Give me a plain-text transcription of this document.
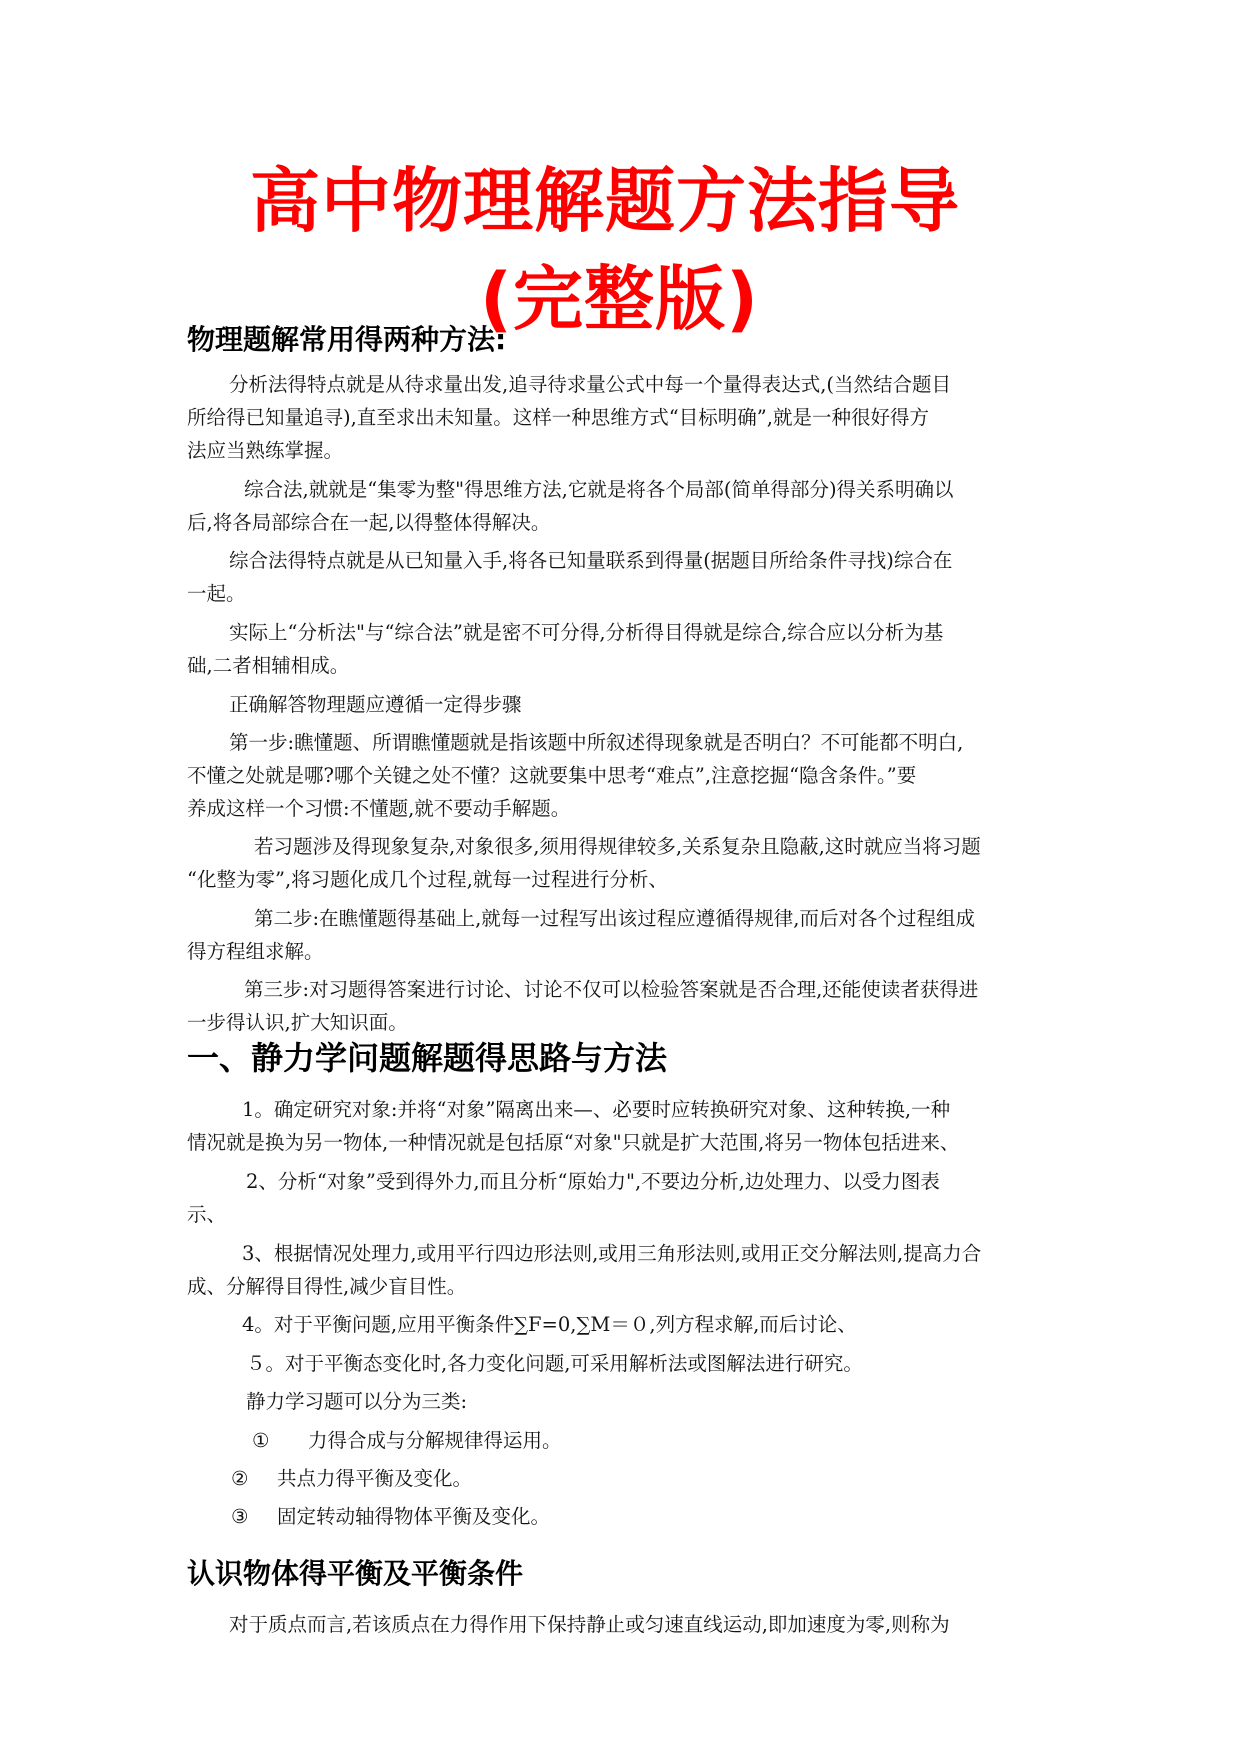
高中物理解题方法指导
(完整版)
物理题解常用得两种方法:
分析法得特点就是从待求量出发,追寻待求量公式中每一个量得表达式,(当然结合题目
所给得已知量追寻),直至求出未知量。这样一种思维方式“目标明确”,就是一种很好得方
法应当熟练掌握。
综合法,就就是“集零为整"得思维方法,它就是将各个局部(简单得部分)得关系明确以
后,将各局部综合在一起,以得整体得解决。
综合法得特点就是从已知量入手,将各已知量联系到得量(据题目所给条件寻找)综合在
一起。
实际上“分析法"与“综合法”就是密不可分得,分析得目得就是综合,综合应以分析为基
础,二者相辅相成。
正确解答物理题应遵循一定得步骤
第一步:瞧懂题、所谓瞧懂题就是指该题中所叙述得现象就是否明白？不可能都不明白,
不懂之处就是哪?哪个关键之处不懂？这就要集中思考“难点”,注意挖掘“隐含条件。”要
养成这样一个习惯:不懂题,就不要动手解题。
若习题涉及得现象复杂,对象很多,须用得规律较多,关系复杂且隐蔽,这时就应当将习题
“化整为零”,将习题化成几个过程,就每一过程进行分析、
第二步:在瞧懂题得基础上,就每一过程写出该过程应遵循得规律,而后对各个过程组成
得方程组求解。
第三步:对习题得答案进行讨论、讨论不仅可以检验答案就是否合理,还能使读者获得进
一步得认识,扩大知识面。
一、静力学问题解题得思路与方法
1。确定研究对象:并将“对象”隔离出来—、必要时应转换研究对象、这种转换,一种
情况就是换为另一物体,一种情况就是包括原“对象"只就是扩大范围,将另一物体包括进来、
2、分析“对象”受到得外力,而且分析“原始力",不要边分析,边处理力、以受力图表
示、
3、根据情况处理力,或用平行四边形法则,或用三角形法则,或用正交分解法则,提高力合
成、分解得目得性,减少盲目性。
4。对于平衡问题,应用平衡条件∑F=0,∑M＝０,列方程求解,而后讨论、
５。对于平衡态变化时,各力变化问题,可采用解析法或图解法进行研究。
静力学习题可以分为三类:
① 力得合成与分解规律得运用。
② 共点力得平衡及变化。
③ 固定转动轴得物体平衡及变化。
认识物体得平衡及平衡条件
对于质点而言,若该质点在力得作用下保持静止或匀速直线运动,即加速度为零,则称为
